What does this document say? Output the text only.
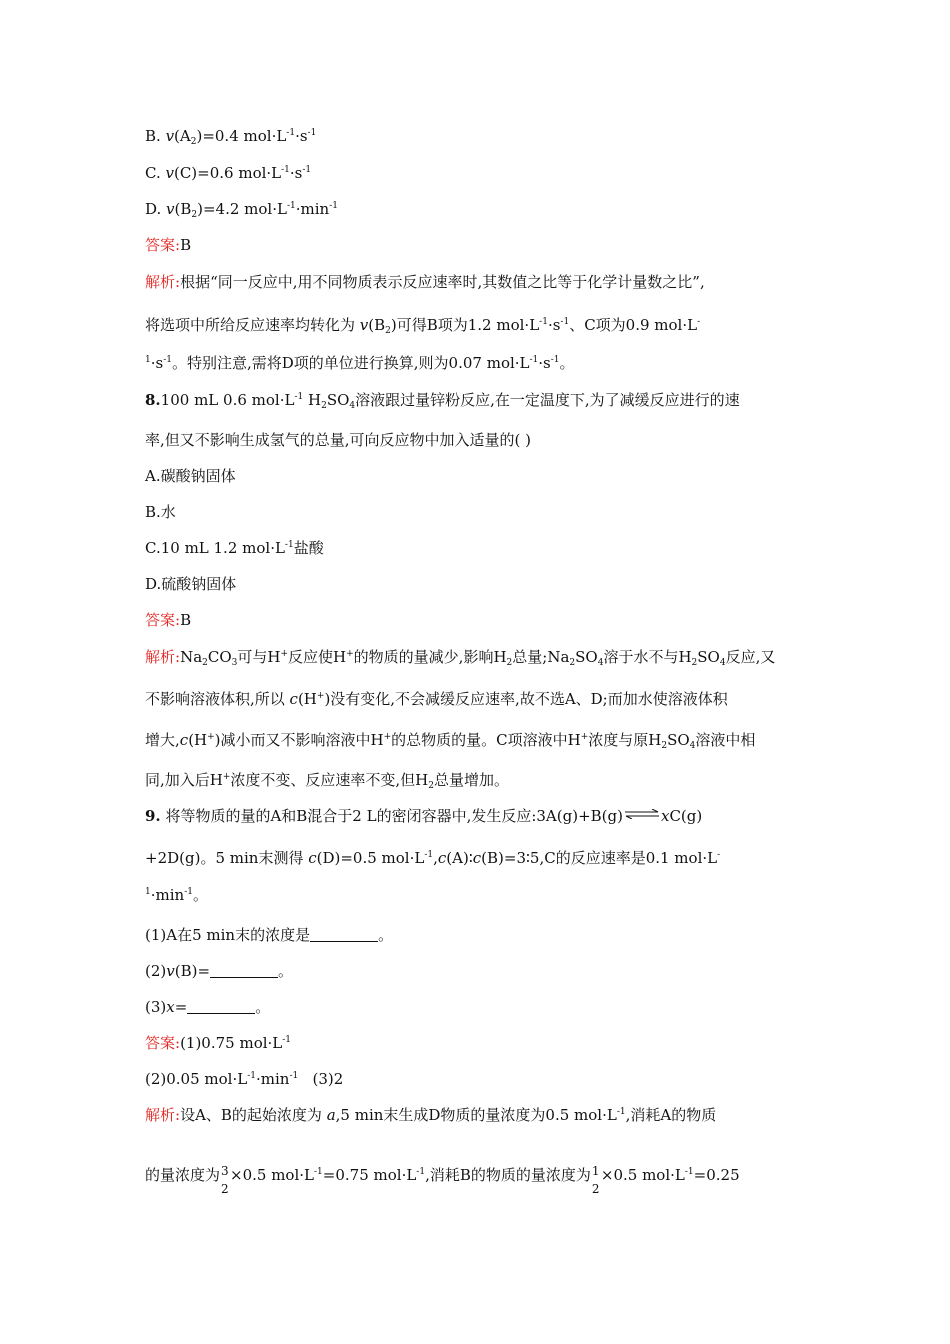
B. $v(A_2)=0.4$ $mol\cdot L^{-1}\cdot s^{-1}$
C. v(C)=0.6 $mol\cdot L^{-1}\cdot s^{-1}$
D. $v(B_2)=4.2$ $mol\cdot L^{-1}\cdot\min^{-1}$
答案:B
解析:根据“同一反应中,用不同物质表示反应速率时,其数值之比等于化学计量数之比”,
将选项中所给反应速率均转化为 $v(B_2)$可得B项为1.2 $mol\cdot L^{-1}\cdot s^{-1}$、C项为0.9 mol·L-
$^1\cdot s^{-1}$。特别注意,需将D项的单位进行换算,则为0.07 $mol\cdot L^{-1}\cdot s^{-1}$。
8.100 mL 0.6 $mol\cdot L^{-1}$ $H_2SO_4$溶液跟过量锌粉反应,在一定温度下,为了减缓反应进行的速
率,但又不影响生成氢气的总量,可向反应物中加入适量的( )
A.碳酸钠固体
B.水
C.10 mL 1.2 $mol\cdot L^{-1}$盐酸
D.硫酸钠固体
答案:B
解析$:Na_2CO_3$可与H+反应使H+的物质的量减少,影响$H_2$总量$;Na_2SO_4$溶于水不与$H_2SO_4$反应,又
不影响溶液体积,所以 c(H+)没有变化,不会减缓反应速率,故不选A、D;而加水使溶液体积
增大,c(H+)减小而又不影响溶液中H+的总物质的量。C项溶液中H+浓度与原$H_2SO_4$溶液中相
同,加入后H+浓度不变、反应速率不变,但$H_2$总量增加。
9. 将等物质的量的A和B混合于2 L的密闭容器中,发生反应:3A(g)+B(g)⇌xC(g)
+2D(g)。5 min末测得 c(D)=0.5 $mol\cdot L^{-1},c(A)∶c(B)=3∶5,C$的反应速率是0.1 mol·L-
$^1\cdot\min^{-1}$。
(1)A在5 min末的浓度是	。
(2)v(B)=	。
(3)x=	。
答案:(1)0.75 $mol\cdot L^{-1}$
(2)0.05 $mol\cdot L^{-1}\cdot\min^{-1}$   (3)2
解析:设A、B的起始浓度为 a,5 min末生成D物质的量浓度为0.5 $mol\cdot L^{-1}$,消耗A的物质
的量浓度为 3
2
×0.5 $mol\cdot L^{-1}=0.75$ $mol\cdot L^{-1}$,消耗B的物质的量浓度为 1
2
×0.5 $mol\cdot L^{-1}=0.25$
